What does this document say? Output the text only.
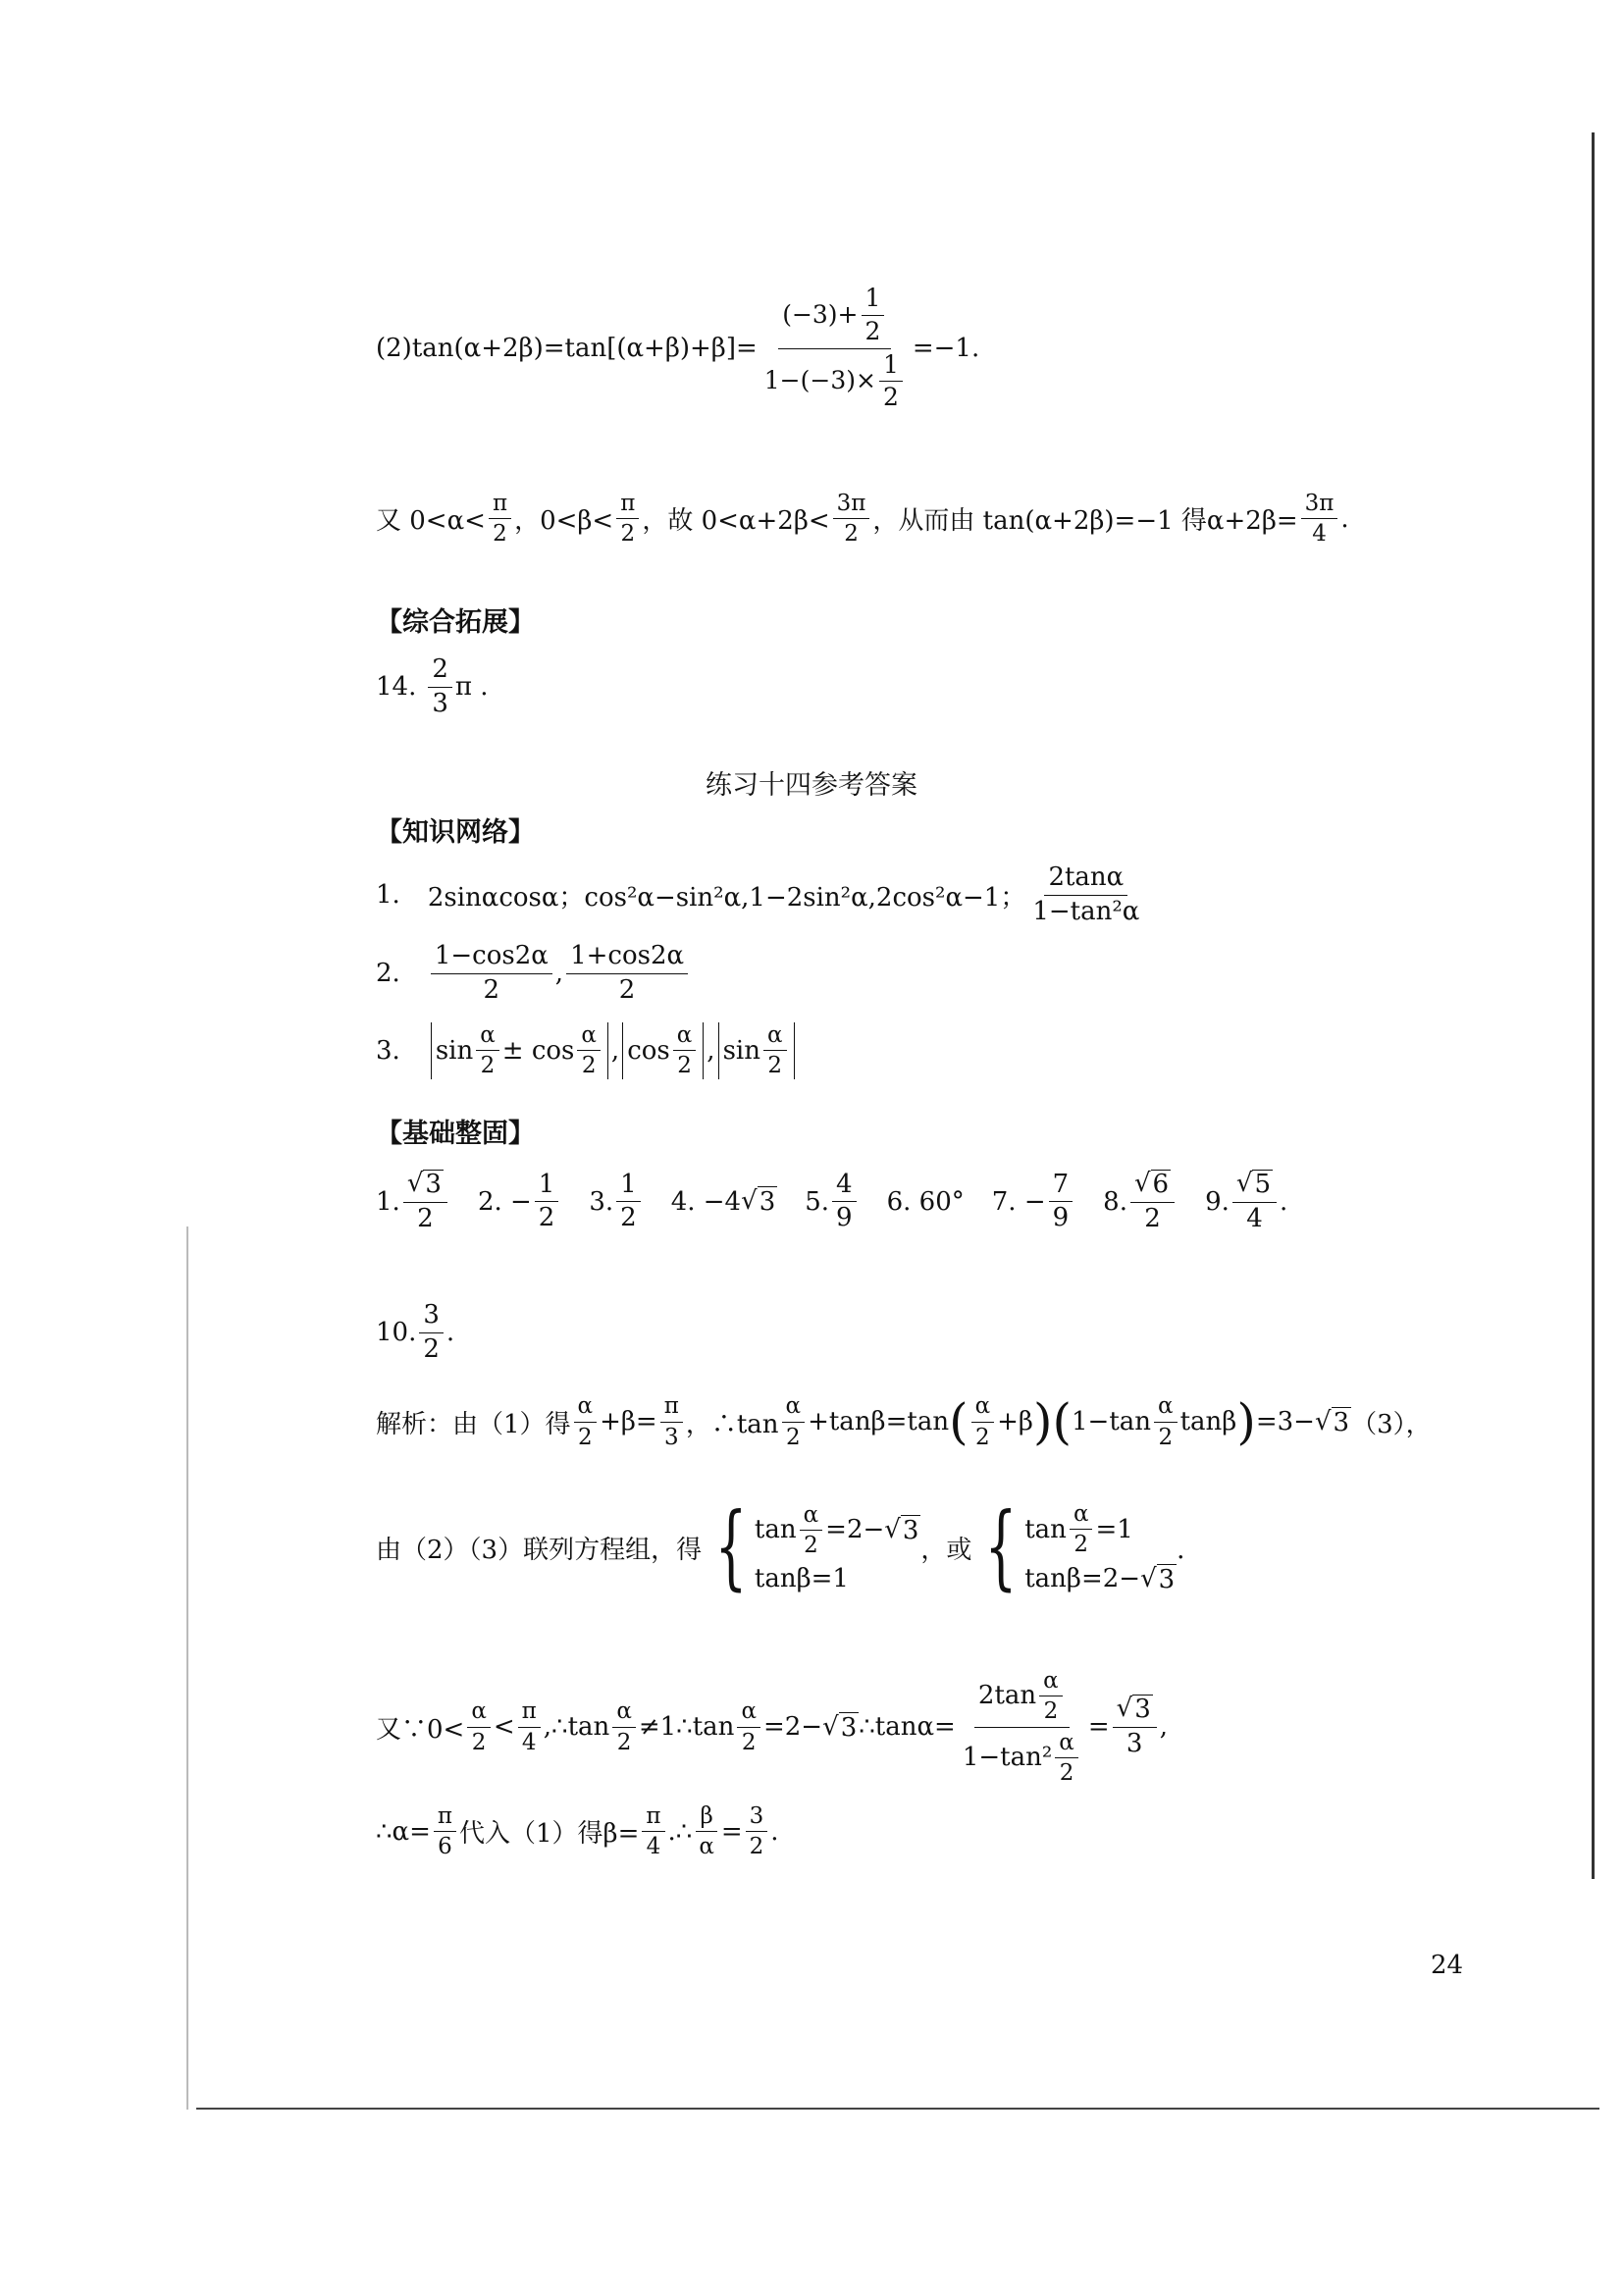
$(2)\tan(\alpha+2\beta)=\tan[(\alpha+\beta)+\beta]= \frac{(-3)+ \frac{1}{2}}{1-(-3)\times \frac{1}{2}} =-1$.
又 $0<\alpha< \frac{\pi}{2}$ ，$0<\beta< \frac{\pi}{2}$ ，故 $0<\alpha+2\beta< \frac{3\pi}{2}$ ，从而由 tan(α+2β)=−1 得$\alpha+2\beta= \frac{3\pi}{4}$ .
【综合拓展】
14. $\frac{2}{3}$ π .
练习十四参考答案
【知识网络】
1. 2sinαcosα；cos²α−sin²α,1−2sin²α,2cos²α−1； $\frac{2\tan\alpha}{\text{1−tan²α}}$
2. $\frac{1-\cos 2\alpha}{2}$ , $\frac{1+\cos 2\alpha}{2}$
3. $\sin \frac{\alpha}{2} \pm \cos \frac{\alpha}{2}$ , $\cos \frac{\alpha}{2}$ , $\sin \frac{\alpha}{2}$
【基础整固】
1. $\frac{√ 3}{2} 2$. − $\frac{1}{2} 3$. $\frac{1}{2} 4$. −4 √ 3 5. $\frac{4}{9} 6$. 60° 7. − $\frac{7}{9} 8$. $\frac{√ 6}{2} 9$. $\frac{√ 5}{4}$ .
10. $\frac{3}{2}$ .
解析：由（1）得 $\frac{\alpha}{2} +\beta= \frac{\pi}{3}$ ，∴tan $\frac{\alpha}{2} +\tan\beta=\tan$ ( $\frac{\alpha}{2} +\beta$ ) ( $1-\tan \frac{\alpha}{2}$ tanβ ) =3− √ 3 （3），
由（2）（3）联列方程组，得 { $\tan \frac{\alpha}{2} =2-$ √ 3
tanβ=1
，或 { $\tan \frac{\alpha}{2} =1$
tanβ=2− √ 3
．
又∵0< $\frac{\alpha}{2} < \frac{\pi}{4}$ ,∴tan $\frac{\alpha}{2}$ ≠1∴tan $\frac{\alpha}{2} =2-$ √ 3 ∴tanα= $\frac{2\tan \frac{\alpha}{2}}{1-\tan^2 \frac{\alpha}{2}} = \frac{√ 3}{3}$ ,
∴α= $\frac{\pi}{6}$ 代入（1）得$\beta= \frac{\pi}{4}$ .∴ $\frac{\beta}{\alpha} = \frac{3}{2}$ .
24
